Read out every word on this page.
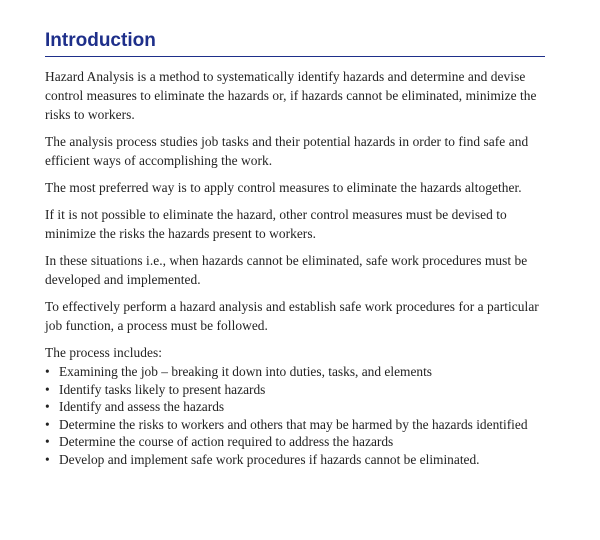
Introduction

Hazard Analysis is a method to systematically identify hazards and determine and devise control measures to eliminate the hazards or, if hazards cannot be eliminated, minimize the risks to workers.

The analysis process studies job tasks and their potential hazards in order to find safe and efficient ways of accomplishing the work.

The most preferred way is to apply control measures to eliminate the hazards altogether.

If it is not possible to eliminate the hazard, other control measures must be devised to minimize the risks the hazards present to workers.

In these situations i.e., when hazards cannot be eliminated, safe work procedures must be developed and implemented.

To effectively perform a hazard analysis and establish safe work procedures for a particular job function, a process must be followed.

The process includes:

• Examining the job – breaking it down into duties, tasks, and elements
• Identify tasks likely to present hazards
• Identify and assess the hazards
• Determine the risks to workers and others that may be harmed by the hazards identified
• Determine the course of action required to address the hazards
• Develop and implement safe work procedures if hazards cannot be eliminated.
